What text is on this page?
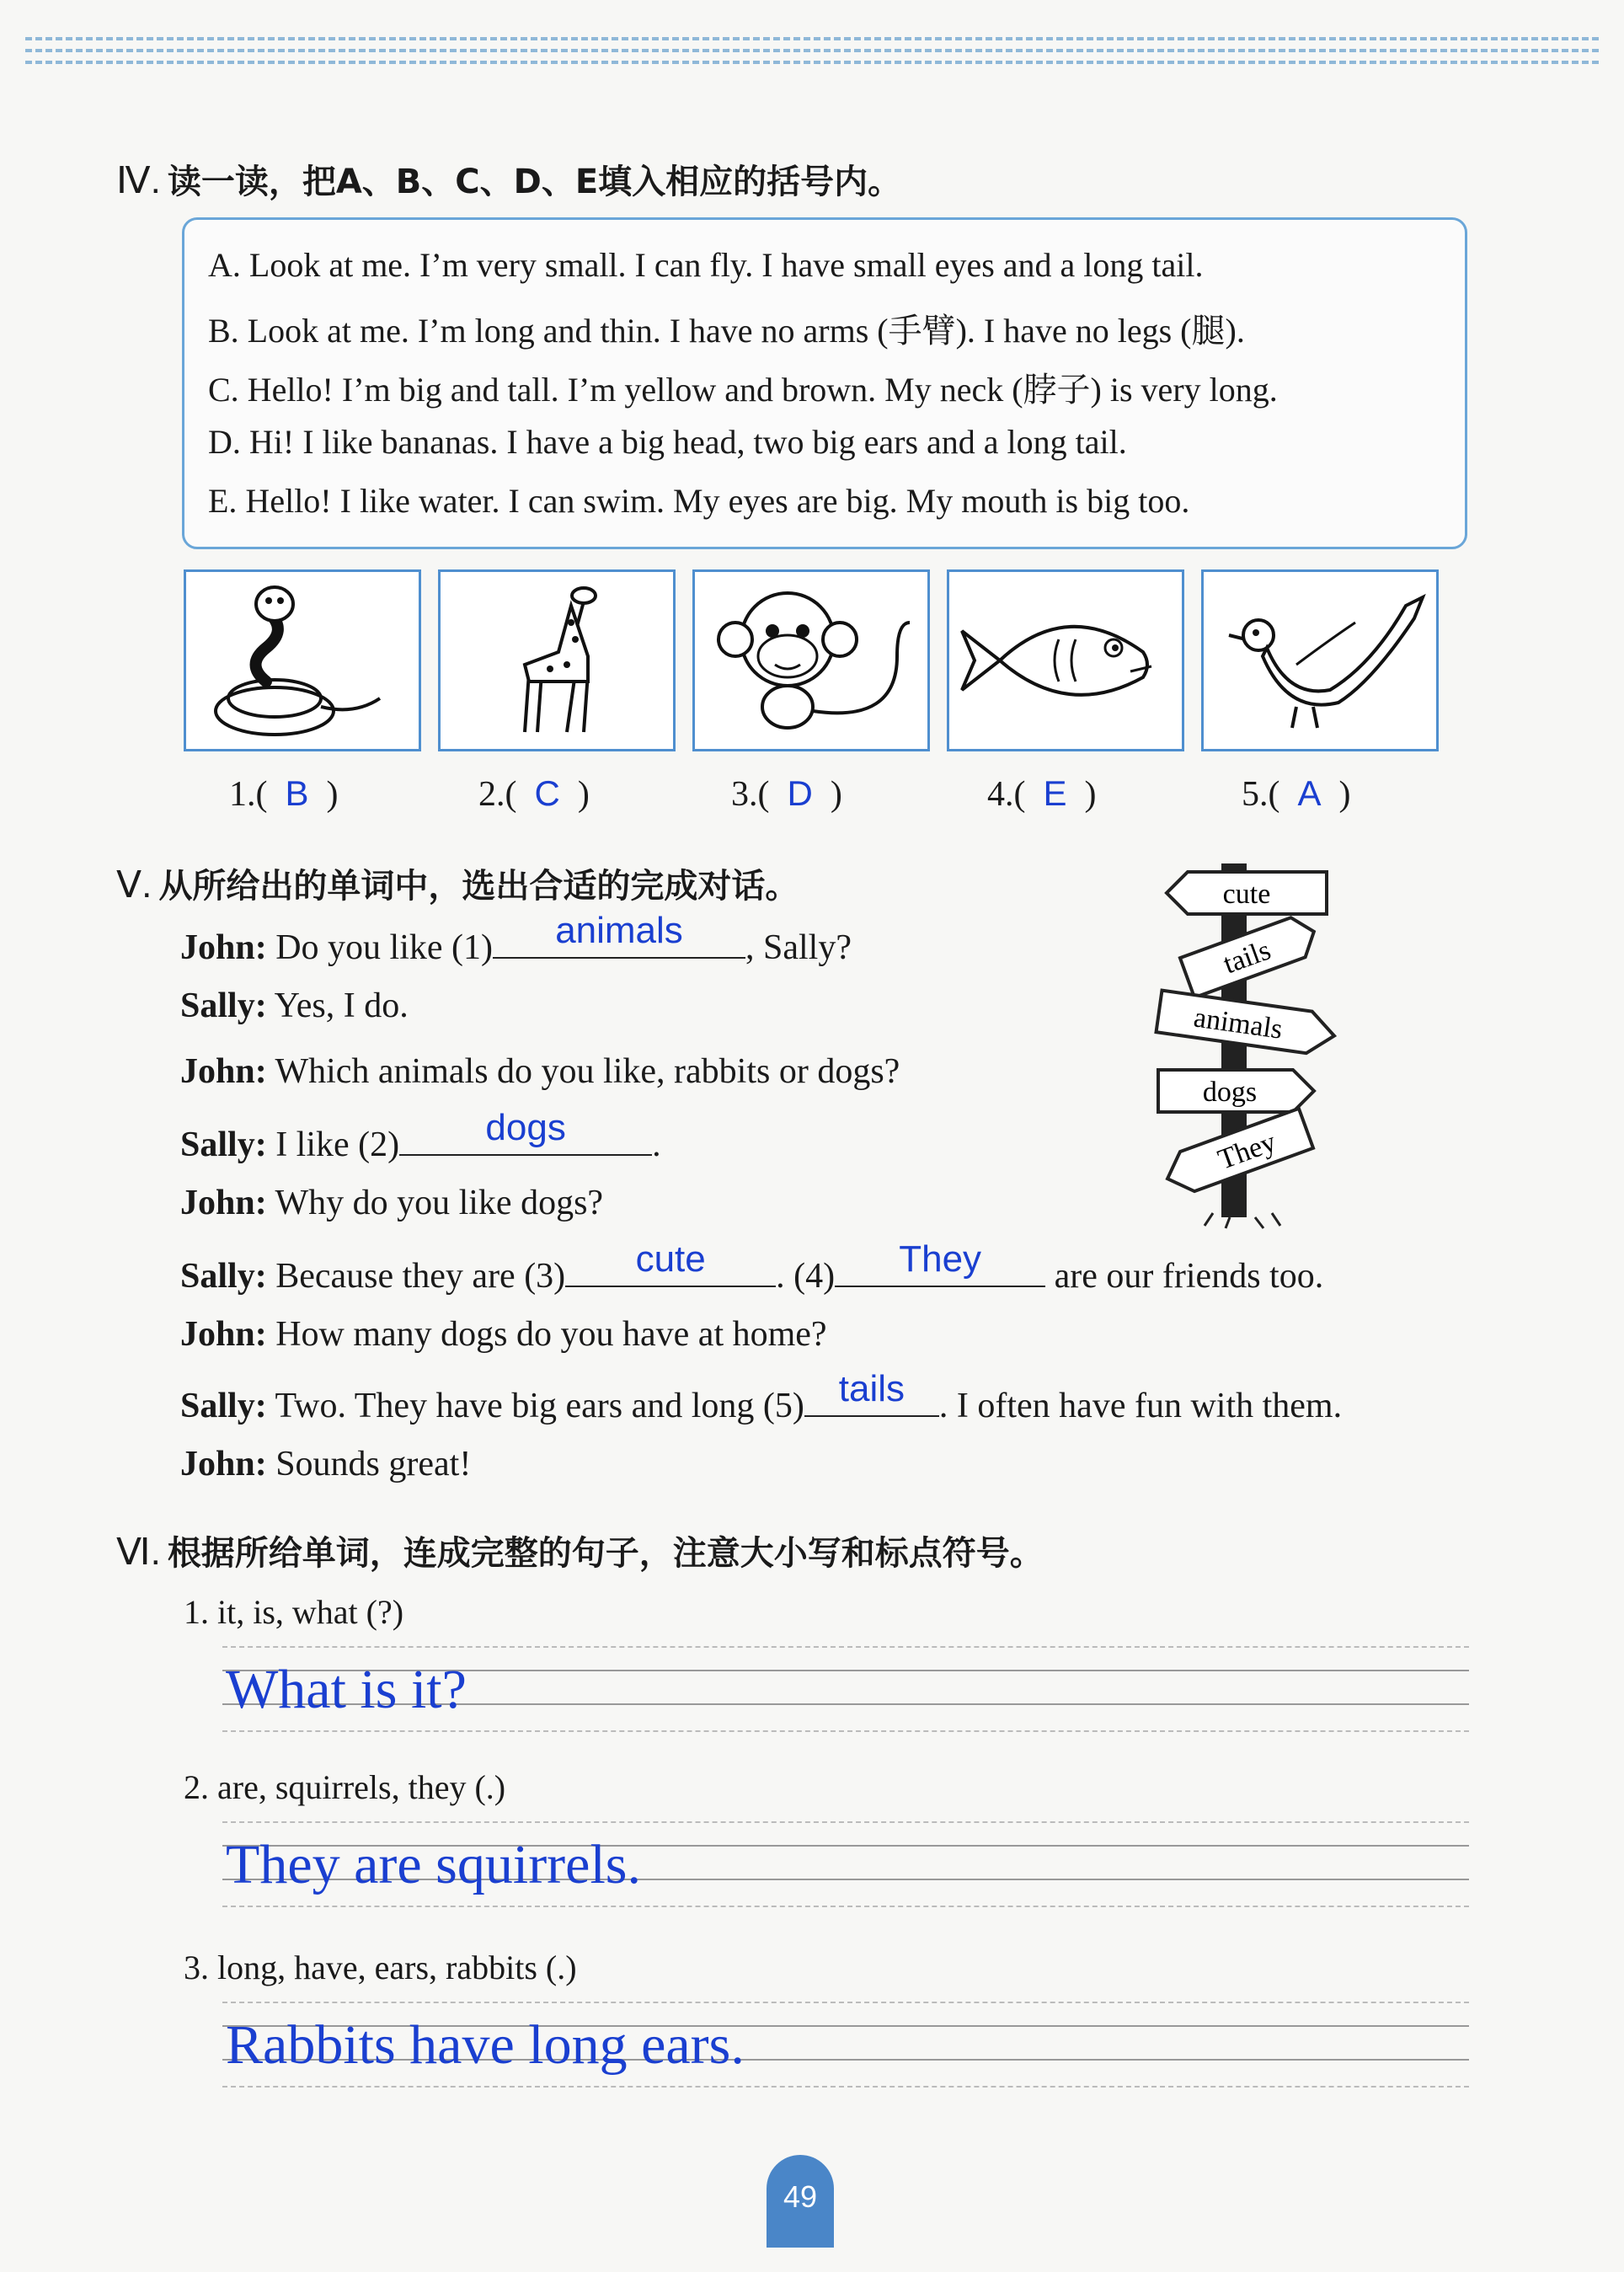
Ⅳ. 读一读，把A、B、C、D、E填入相应的括号内。
A. Look at me. I’m very small. I can fly. I have small eyes and a long tail.
B. Look at me. I’m long and thin. I have no arms (手臂). I have no legs (腿).
C. Hello! I’m big and tall. I’m yellow and brown. My neck (脖子) is very long.
D. Hi! I like bananas. I have a big head, two big ears and a long tail.
E. Hello! I like water. I can swim. My eyes are big. My mouth is big too.
1.(  B  )	2.(  C  )	3.(  D  )	4.(  E  )	5.(  A  )
Ⅴ. 从所给出的单词中，选出合适的完成对话。	cute
tails
animals
dogs
They
John: Do you like (1)	animals	, Sally?
Sally: Yes, I do.
John: Which animals do you like, rabbits or dogs?
Sally: I like (2)	dogs	.
John: Why do you like dogs?
Sally: Because they are (3)	cute	. (4)	They	are our friends too.
John: How many dogs do you have at home?
Sally: Two. They have big ears and long (5) tails . I often have fun with them.
John: Sounds great!
Ⅵ. 根据所给单词，连成完整的句子，注意大小写和标点符号。
1. it, is, what (?)
What is it?
2. are, squirrels, they (.)
They are squirrels.
3. long, have, ears, rabbits (.)
Rabbits have long ears.
49
